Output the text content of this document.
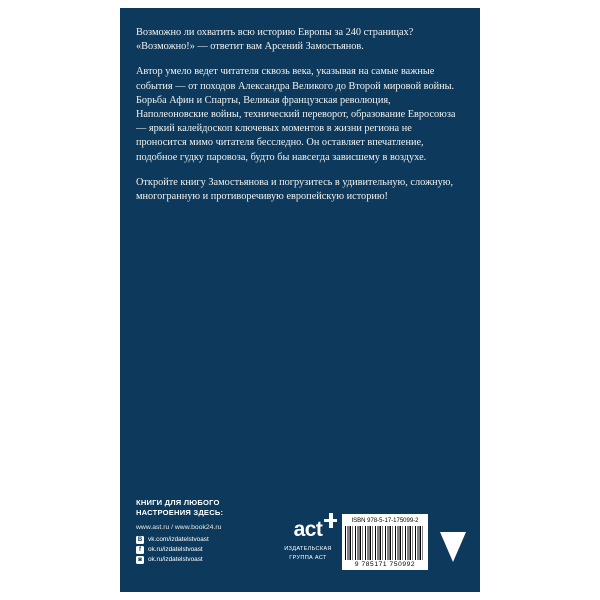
Возможно ли охватить всю историю Европы за 240 страницах? «Возможно!» — ответит вам Арсений Замостьянов.

Автор умело ведет читателя сквозь века, указывая на самые важные события — от походов Александра Великого до Второй мировой войны. Борьба Афин и Спарты, Великая французская революция, Наполеоновские войны, технический переворот, образование Евросоюза — яркий калейдоскоп ключевых моментов в жизни региона не проносится мимо читателя бесследно. Он оставляет впечатление, подобное гудку паровоза, будто бы навсегда зависшему в воздухе.

Откройте книгу Замостьянова и погрузитесь в удивительную, сложную, многогранную и противоречивую европейскую историю!

КНИГИ ДЛЯ ЛЮБОГО
НАСТРОЕНИЯ ЗДЕСЬ:
www.ast.ru / www.book24.ru
В vk.com/izdatelstvoast
f	ok.ru/izdatelstvoast
◙ ok.ru/izdatelstvoast
act
ИЗДАТЕЛЬСКАЯ
ГРУППА АСТ
ISBN 978-5-17-175099-2
9 785171 750992
